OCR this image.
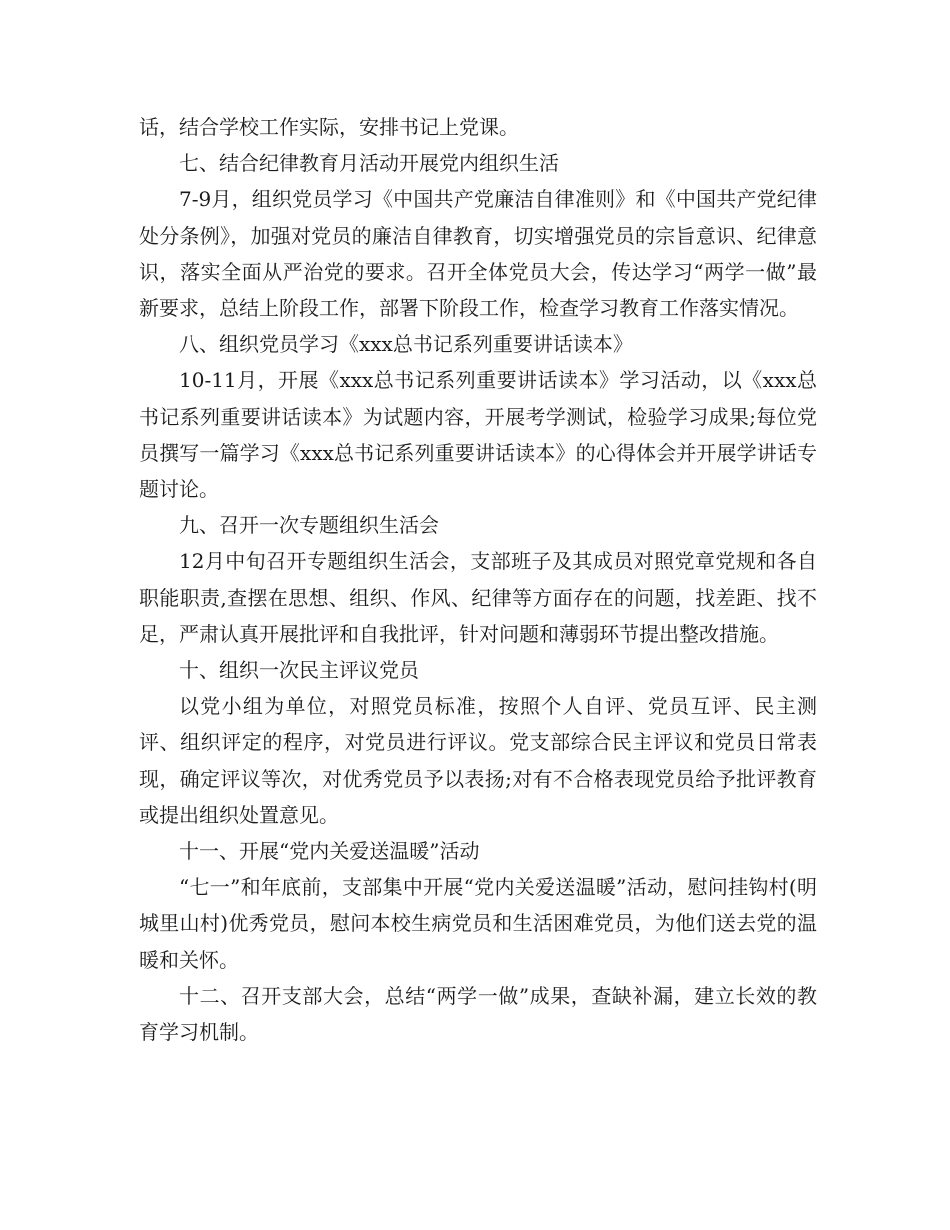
话，结合学校工作实际，安排书记上党课。

七、结合纪律教育月活动开展党内组织生活

7-9月，组织党员学习《中国共产党廉洁自律准则》和《中国共产党纪律处分条例》，加强对党员的廉洁自律教育，切实增强党员的宗旨意识、纪律意识，落实全面从严治党的要求。召开全体党员大会，传达学习“两学一做”最新要求，总结上阶段工作，部署下阶段工作，检查学习教育工作落实情况。

八、组织党员学习《xxx总书记系列重要讲话读本》

10-11月，开展《xxx总书记系列重要讲话读本》学习活动，以《xxx总书记系列重要讲话读本》为试题内容，开展考学测试，检验学习成果;每位党员撰写一篇学习《xxx总书记系列重要讲话读本》的心得体会并开展学讲话专题讨论。

九、召开一次专题组织生活会

12月中旬召开专题组织生活会，支部班子及其成员对照党章党规和各自职能职责,查摆在思想、组织、作风、纪律等方面存在的问题，找差距、找不足，严肃认真开展批评和自我批评，针对问题和薄弱环节提出整改措施。

十、组织一次民主评议党员

以党小组为单位，对照党员标准，按照个人自评、党员互评、民主测评、组织评定的程序，对党员进行评议。党支部综合民主评议和党员日常表现，确定评议等次，对优秀党员予以表扬;对有不合格表现党员给予批评教育或提出组织处置意见。

十一、开展“党内关爱送温暖”活动

“七一”和年底前，支部集中开展“党内关爱送温暖”活动，慰问挂钩村(明城里山村)优秀党员，慰问本校生病党员和生活困难党员，为他们送去党的温暖和关怀。

十二、召开支部大会，总结“两学一做”成果，查缺补漏，建立长效的教育学习机制。
